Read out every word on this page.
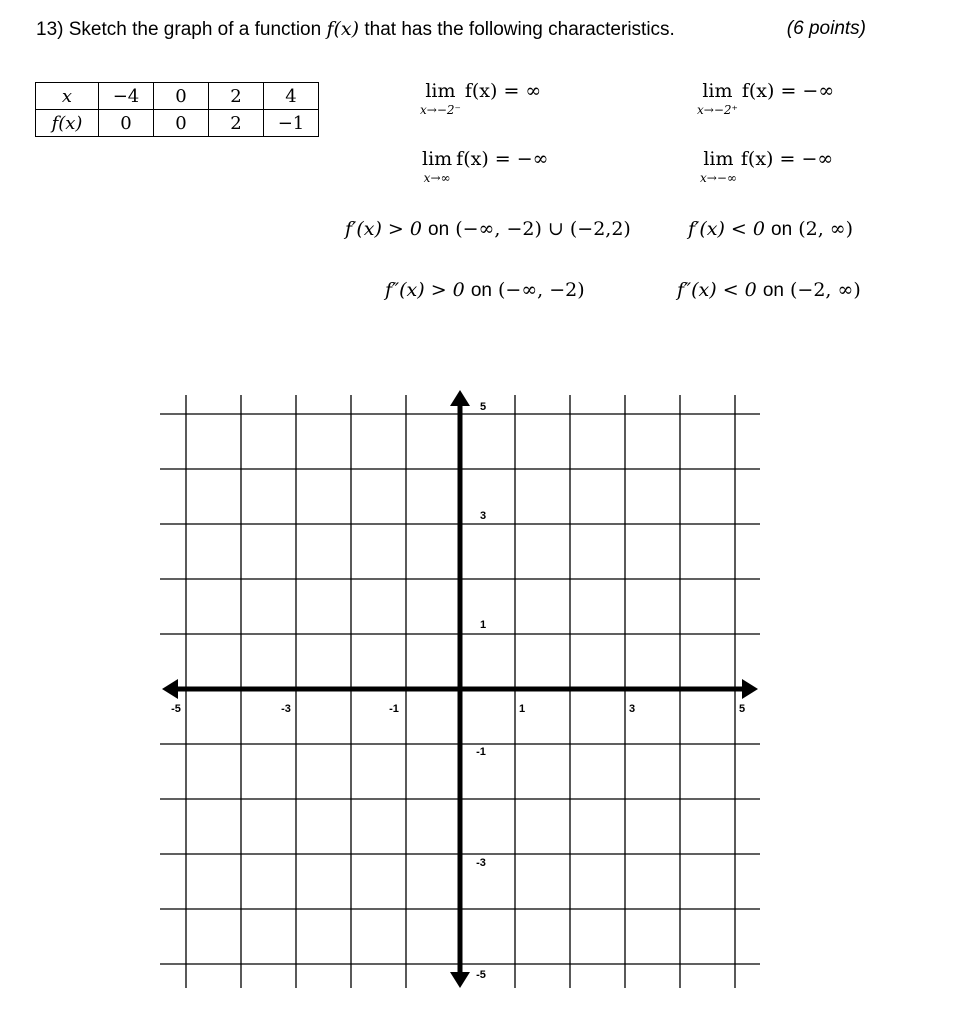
13) Sketch the graph of a function f(x) that has the following characteristics.	(6 points)
x	−4	0	2	4
f(x)	0	0	2	−1
lim
x→−2⁻
f(x) = ∞	lim
x→−2⁺
f(x) = −∞
lim
x→∞
f(x) = −∞	lim
x→−∞
f(x) = −∞
f′(x) > 0 on (−∞, −2) ∪ (−2,2)	f′(x) < 0 on (2, ∞)
f″(x) > 0 on (−∞, −2)	f″(x) < 0 on (−2, ∞)
-5	-3	-1	1	3	5
5
3
1
-1
-3
-5
